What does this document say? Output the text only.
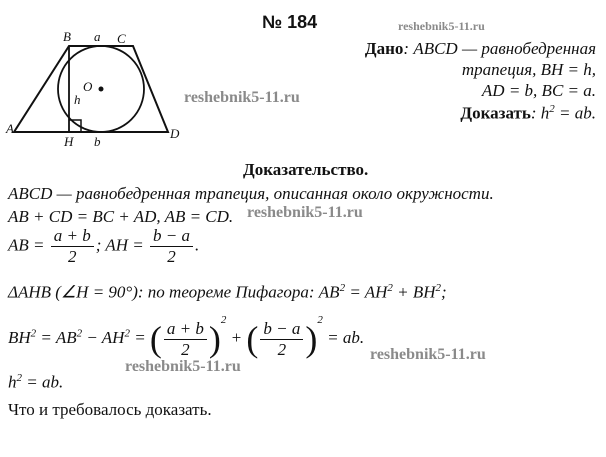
№ 184	reshebnik5-11.ru
B a C
O
h
A
H b
D
reshebnik5-11.ru
Дано: ABCD — равнобедренная
трапеция, BH = h,
AD = b, BC = a.
Доказать: $h^2$ = ab.
Доказательство.
ABCD — равнобедренная трапеция, описанная около окружности.
AB + CD = BC + AD, AB = CD. reshebnik5-11.ru
AB = $\frac{a + b}{2}$ ; AH = $\frac{b - a}{2}$ .
ΔAHB (∠H = 90°): по теореме Пифагора: $AB^2 = AH^2 + BH^2$;
$BH^2 = AB^2 - AH^2$ = ( $\frac{a + b}{2} )^2$ + ( $\frac{b - a}{2} )^2$ = ab.
reshebnik5-11.ru
reshebnik5-11.ru
$h^2$ = ab.
Что и требовалось доказать.
